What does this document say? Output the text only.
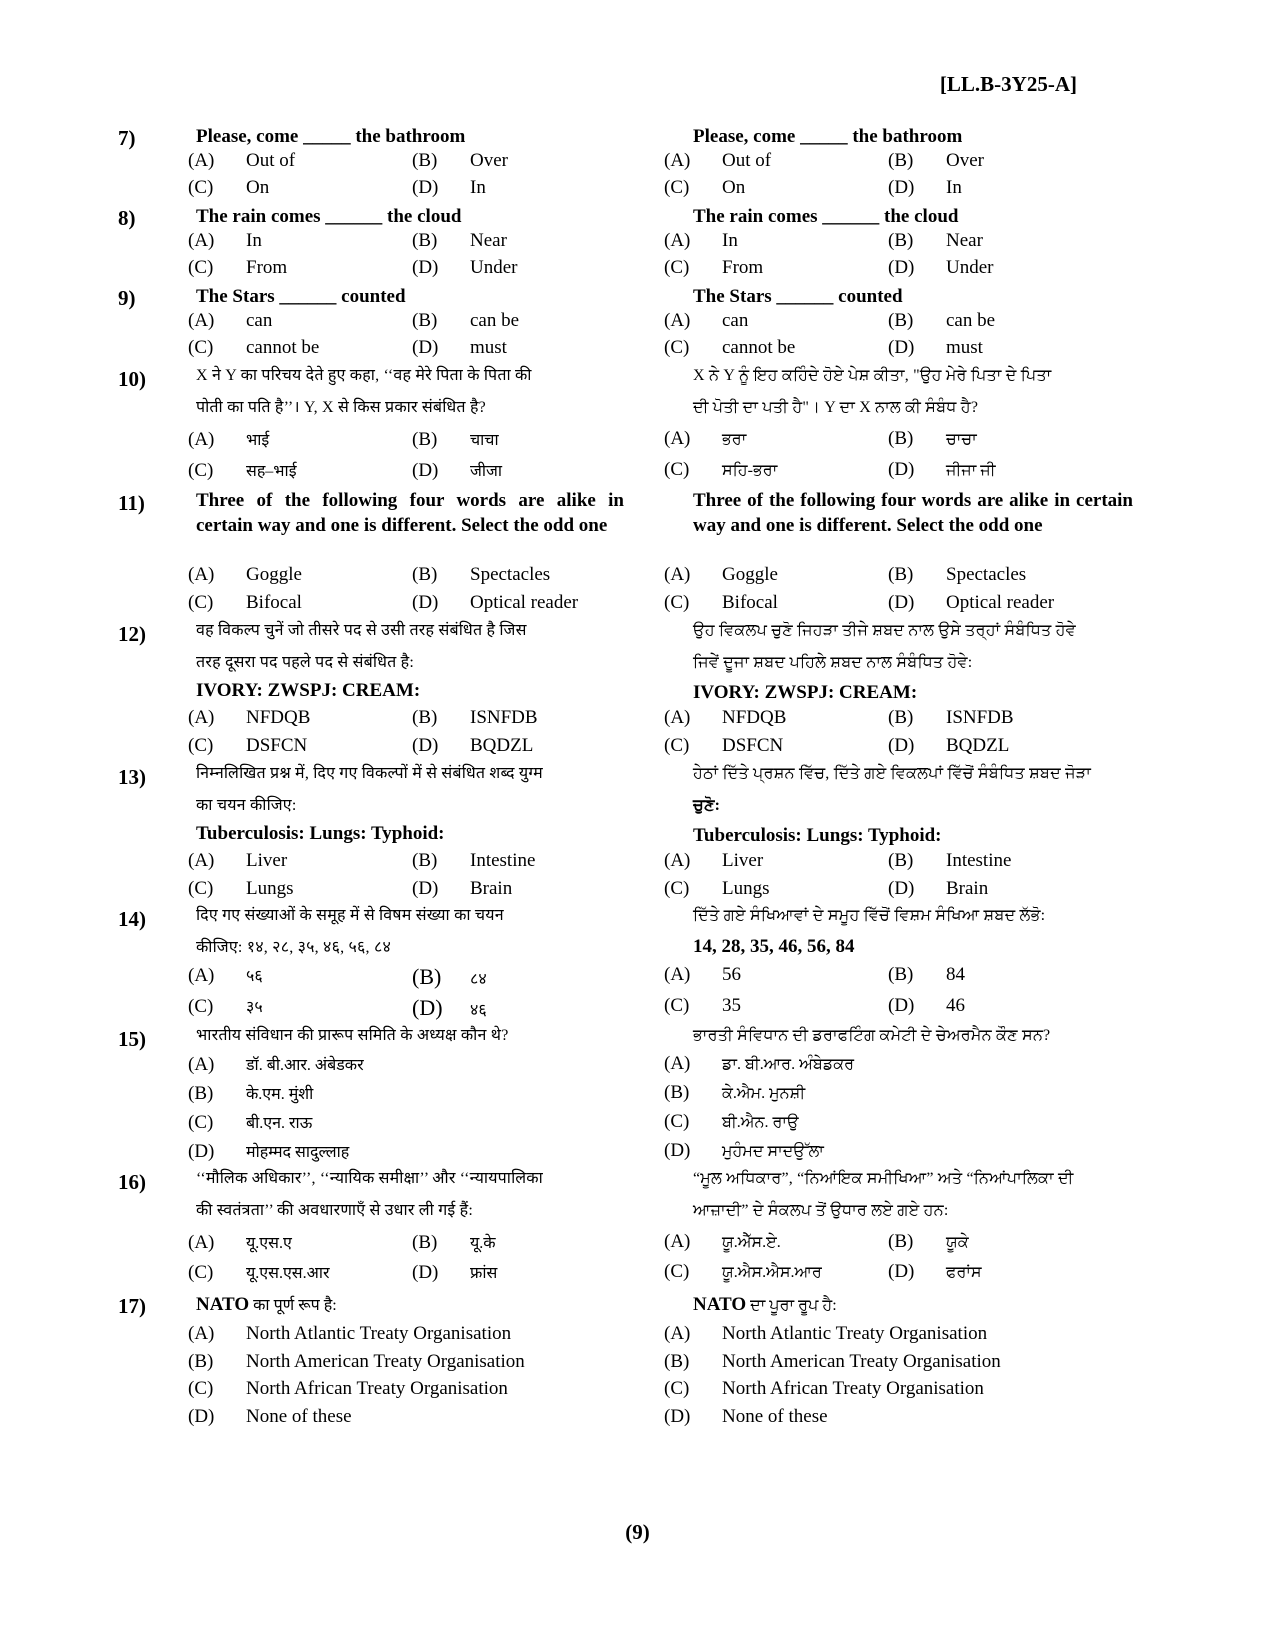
[LL.B-3Y25-A]
7)	Please, come _____ the bathroom
(A) Out of	(B) Over
(C) On	(D) In
Please, come _____ the bathroom
(A) Out of	(B) Over
(C) On	(D) In
8)	The rain comes ______ the cloud
(A) In	(B) Near
(C) From	(D) Under
The rain comes ______ the cloud
(A) In	(B) Near
(C) From	(D) Under
9)	The Stars ______ counted
(A) can	(B) can be
(C) cannot be	(D) must
The Stars ______ counted
(A) can	(B) can be
(C) cannot be	(D) must
10)	X ने Y का परिचय देते हुए कहा, ‘‘वह मेरे पिता के पिता की
पोती का पति है’’। Y, X से किस प्रकार संबंधित है?
(A) भाई	(B) चाचा
(C) सह–भाई	(D) जीजा
X ਨੇ Y ਨੂੰ ਇਹ ਕਹਿੰਦੇ ਹੋਏ ਪੇਸ਼ ਕੀਤਾ, "ਉਹ ਮੇਰੇ ਪਿਤਾ ਦੇ ਪਿਤਾ
ਦੀ ਪੋਤੀ ਦਾ ਪਤੀ ਹੈ"। Y ਦਾ X ਨਾਲ ਕੀ ਸੰਬੰਧ ਹੈ?
(A) ਭਰਾ	(B) ਚਾਚਾ
(C) ਸਹਿ-ਭਰਾ	(D) ਜੀਜਾ ਜੀ
11)	Three of the following four words are alike in certain way and one is different. Select the odd one
(A) Goggle	(B) Spectacles
(C) Bifocal	(D) Optical reader
Three of the following four words are alike in certain way and one is different. Select the odd one
(A) Goggle	(B) Spectacles
(C) Bifocal	(D) Optical reader
12)	वह विकल्प चुनें जो तीसरे पद से उसी तरह संबंधित है जिस
तरह दूसरा पद पहले पद से संबंधित है:
IVORY: ZWSPJ: CREAM:
(A) NFDQB	(B) ISNFDB
(C) DSFCN	(D) BQDZL
ਉਹ ਵਿਕਲਪ ਚੁਣੋ ਜਿਹੜਾ ਤੀਜੇ ਸ਼ਬਦ ਨਾਲ ਉਸੇ ਤਰ੍ਹਾਂ ਸੰਬੰਧਿਤ ਹੋਵੇ
ਜਿਵੇਂ ਦੂਜਾ ਸ਼ਬਦ ਪਹਿਲੇ ਸ਼ਬਦ ਨਾਲ ਸੰਬੰਧਿਤ ਹੋਵੇ:
IVORY: ZWSPJ: CREAM:
(A) NFDQB	(B) ISNFDB
(C) DSFCN	(D) BQDZL
13)	निम्नलिखित प्रश्न में, दिए गए विकल्पों में से संबंधित शब्द युग्म
का चयन कीजिए:
Tuberculosis: Lungs: Typhoid:
(A) Liver	(B) Intestine
(C) Lungs	(D) Brain
ਹੇਠਾਂ ਦਿੱਤੇ ਪ੍ਰਸ਼ਨ ਵਿੱਚ, ਦਿੱਤੇ ਗਏ ਵਿਕਲਪਾਂ ਵਿੱਚੋਂ ਸੰਬੰਧਿਤ ਸ਼ਬਦ ਜੋੜਾ
ਚੁਣੋ:
Tuberculosis: Lungs: Typhoid:
(A) Liver	(B) Intestine
(C) Lungs	(D) Brain
14)	दिए गए संख्याओं के समूह में से विषम संख्या का चयन
कीजिए: १४, २८, ३५, ४६, ५६, ८४
(A) ५६	(B) ८४
(C) ३५	(D) ४६
ਦਿੱਤੇ ਗਏ ਸੰਖਿਆਵਾਂ ਦੇ ਸਮੂਹ ਵਿੱਚੋਂ ਵਿਸ਼ਮ ਸੰਖਿਆ ਸ਼ਬਦ ਲੱਭੋ:
14, 28, 35, 46, 56, 84
(A) 56	(B) 84
(C) 35	(D) 46
15)	भारतीय संविधान की प्रारूप समिति के अध्यक्ष कौन थे?
(A) डॉ. बी.आर. अंबेडकर
(B) के.एम. मुंशी
(C) बी.एन. राऊ
(D) मोहम्मद सादुल्लाह
ਭਾਰਤੀ ਸੰਵਿਧਾਨ ਦੀ ਡਰਾਫਟਿੰਗ ਕਮੇਟੀ ਦੇ ਚੇਅਰਮੈਨ ਕੌਣ ਸਨ?
(A) ਡਾ. ਬੀ.ਆਰ. ਅੰਬੇਡਕਰ
(B) ਕੇ.ਐਮ. ਮੁਨਸ਼ੀ
(C) ਬੀ.ਐਨ. ਰਾਉ
(D) ਮੁਹੰਮਦ ਸਾਦਉੱਲਾ
16)	‘‘मौलिक अधिकार’’, ‘‘न्यायिक समीक्षा’’ और ‘‘न्यायपालिका
की स्वतंत्रता’’ की अवधारणाएँ से उधार ली गई हैं:
(A) यू.एस.ए	(B) यू.के
(C) यू.एस.एस.आर	(D) फ्रांस
“ਮੂਲ ਅਧਿਕਾਰ”, “ਨਿਆਂਇਕ ਸਮੀਖਿਆ” ਅਤੇ “ਨਿਆਂਪਾਲਿਕਾ ਦੀ
ਆਜ਼ਾਦੀ” ਦੇ ਸੰਕਲਪ ਤੋਂ ਉਧਾਰ ਲਏ ਗਏ ਹਨ:
(A) ਯੂ.ਐੱਸ.ਏ.	(B) ਯੂਕੇ
(C) ਯੂ.ਐਸ.ਐਸ.ਆਰ	(D) ਫਰਾਂਸ
17)	NATO का पूर्ण रूप है:
(A) North Atlantic Treaty Organisation
(B) North American Treaty Organisation
(C) North African Treaty Organisation
(D) None of these
NATO ਦਾ ਪੂਰਾ ਰੂਪ ਹੈ:
(A) North Atlantic Treaty Organisation
(B) North American Treaty Organisation
(C) North African Treaty Organisation
(D) None of these
(9)
